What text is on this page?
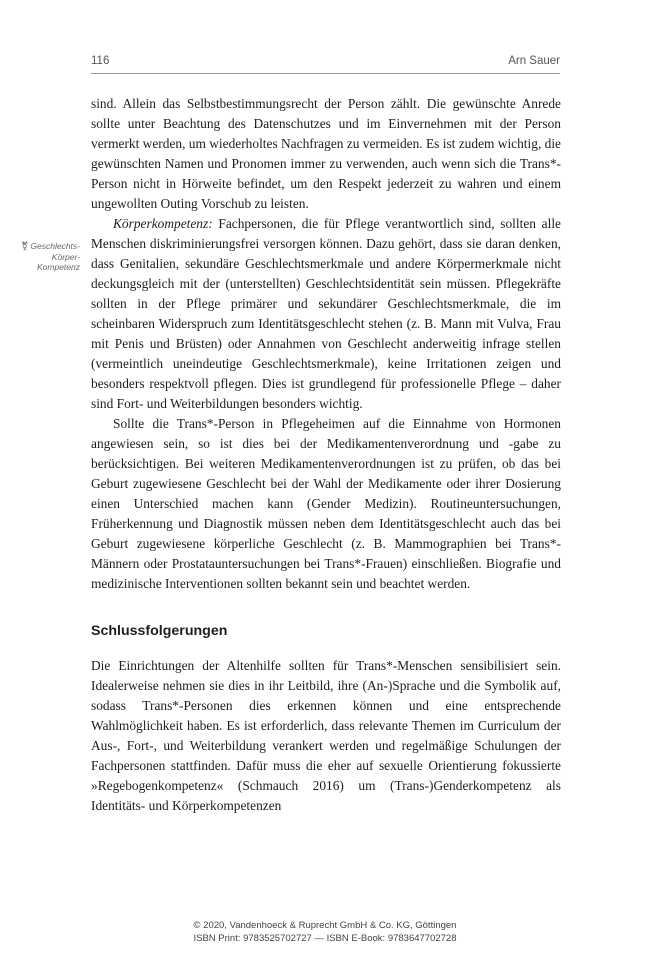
116	Arn Sauer
⚧ Geschlechts-
Körper-
Kompetenz

sind. Allein das Selbstbestimmungsrecht der Person zählt. Die gewünschte Anrede sollte unter Beachtung des Datenschutzes und im Einvernehmen mit der Person vermerkt werden, um wiederholtes Nachfragen zu vermeiden. Es ist zudem wichtig, die gewünschten Namen und Pronomen immer zu verwenden, auch wenn sich die Trans*-Person nicht in Hörweite befindet, um den Respekt jederzeit zu wahren und einem ungewollten Outing Vorschub zu leisten.

Körperkompetenz: Fachpersonen, die für Pflege verantwortlich sind, sollten alle Menschen diskriminierungsfrei versorgen können. Dazu gehört, dass sie daran denken, dass Genitalien, sekundäre Geschlechtsmerkmale und andere Körpermerkmale nicht deckungsgleich mit der (unterstellten) Geschlechtsidentität sein müssen. Pflegekräfte sollten in der Pflege primärer und sekundärer Geschlechtsmerkmale, die im scheinbaren Widerspruch zum Identitätsgeschlecht stehen (z. B. Mann mit Vulva, Frau mit Penis und Brüsten) oder Annahmen von Geschlecht anderweitig infrage stellen (vermeintlich uneindeutige Geschlechtsmerkmale), keine Irritationen zeigen und besonders respektvoll pflegen. Dies ist grundlegend für professionelle Pflege – daher sind Fort- und Weiterbildungen besonders wichtig.

Sollte die Trans*-Person in Pflegeheimen auf die Einnahme von Hormonen angewiesen sein, so ist dies bei der Medikamentenverordnung und -gabe zu berücksichtigen. Bei weiteren Medikamentenverordnungen ist zu prüfen, ob das bei Geburt zugewiesene Geschlecht bei der Wahl der Medikamente oder ihrer Dosierung einen Unterschied machen kann (Gender Medizin). Routineuntersuchungen, Früherkennung und Diagnostik müssen neben dem Identitätsgeschlecht auch das bei Geburt zugewiesene körperliche Geschlecht (z. B. Mammographien bei Trans*-Männern oder Prostatauntersuchungen bei Trans*-Frauen) einschließen. Biografie und medizinische Interventionen sollten bekannt sein und beachtet werden.

Schlussfolgerungen

Die Einrichtungen der Altenhilfe sollten für Trans*-Menschen sensibilisiert sein. Idealerweise nehmen sie dies in ihr Leitbild, ihre (An-)Sprache und die Symbolik auf, sodass Trans*-Personen dies erkennen können und eine entsprechende Wahlmöglichkeit haben. Es ist erforderlich, dass relevante Themen im Curriculum der Aus-, Fort-, und Weiterbildung verankert werden und regelmäßige Schulungen der Fachpersonen stattfinden. Dafür muss die eher auf sexuelle Orientierung fokussierte »Regebogenkompetenz« (Schmauch 2016) um (Trans-)Genderkompetenz als Identitäts- und Körperkompetenzen

© 2020, Vandenhoeck & Ruprecht GmbH & Co. KG, Göttingen
ISBN Print: 9783525702727 — ISBN E-Book: 9783647702728
